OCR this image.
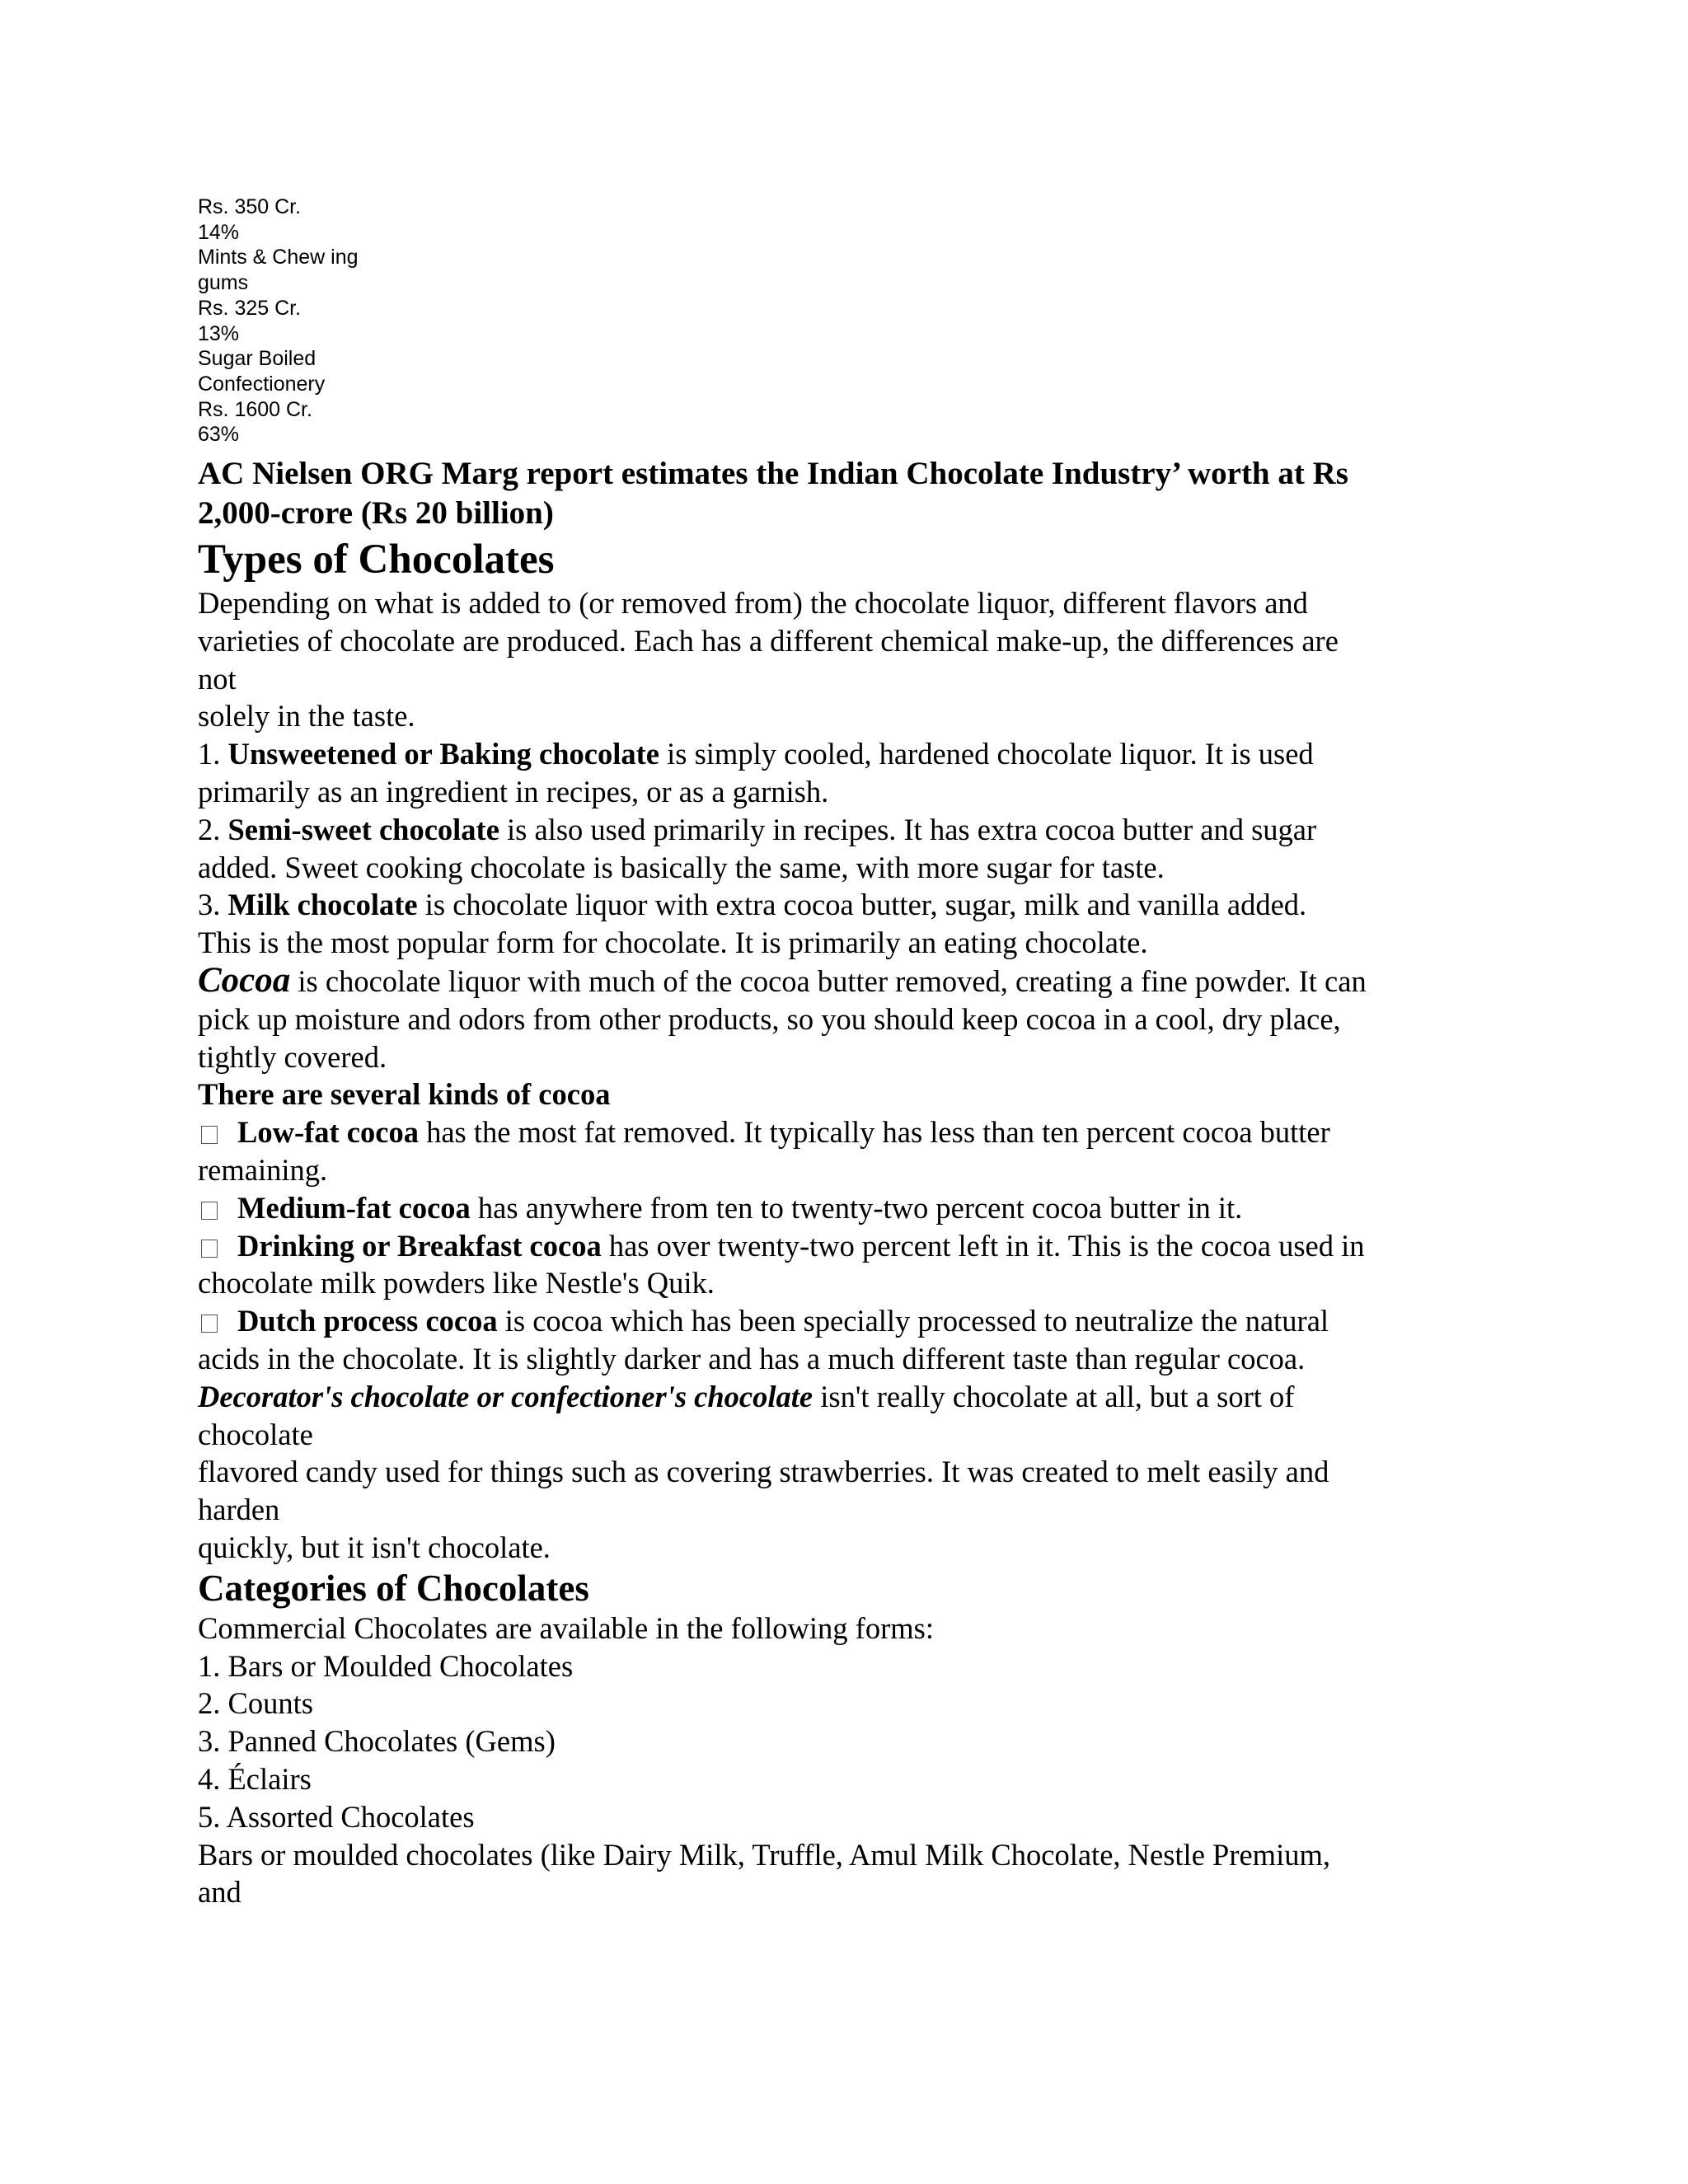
Rs. 350 Cr.
14%
Mints & Chew ing
gums
Rs. 325 Cr.
13%
Sugar Boiled
Confectionery
Rs. 1600 Cr.
63%
AC Nielsen ORG Marg report estimates the Indian Chocolate Industry’ worth at Rs
2,000-crore (Rs 20 billion)
Types of Chocolates
Depending on what is added to (or removed from) the chocolate liquor, different flavors and
varieties of chocolate are produced. Each has a different chemical make-up, the differences are
not
solely in the taste.
1. Unsweetened or Baking chocolate is simply cooled, hardened chocolate liquor. It is used
primarily as an ingredient in recipes, or as a garnish.
2. Semi-sweet chocolate is also used primarily in recipes. It has extra cocoa butter and sugar
added. Sweet cooking chocolate is basically the same, with more sugar for taste.
3. Milk chocolate is chocolate liquor with extra cocoa butter, sugar, milk and vanilla added.
This is the most popular form for chocolate. It is primarily an eating chocolate.
Cocoa is chocolate liquor with much of the cocoa butter removed, creating a fine powder. It can
pick up moisture and odors from other products, so you should keep cocoa in a cool, dry place,
tightly covered.
There are several kinds of cocoa
Low-fat cocoa has the most fat removed. It typically has less than ten percent cocoa butter
remaining.
Medium-fat cocoa has anywhere from ten to twenty-two percent cocoa butter in it.
Drinking or Breakfast cocoa has over twenty-two percent left in it. This is the cocoa used in
chocolate milk powders like Nestle's Quik.
Dutch process cocoa is cocoa which has been specially processed to neutralize the natural
acids in the chocolate. It is slightly darker and has a much different taste than regular cocoa.
Decorator's chocolate or confectioner's chocolate isn't really chocolate at all, but a sort of
chocolate
flavored candy used for things such as covering strawberries. It was created to melt easily and
harden
quickly, but it isn't chocolate.
Categories of Chocolates
Commercial Chocolates are available in the following forms:
1. Bars or Moulded Chocolates
2. Counts
3. Panned Chocolates (Gems)
4. Éclairs
5. Assorted Chocolates
Bars or moulded chocolates (like Dairy Milk, Truffle, Amul Milk Chocolate, Nestle Premium,
and
